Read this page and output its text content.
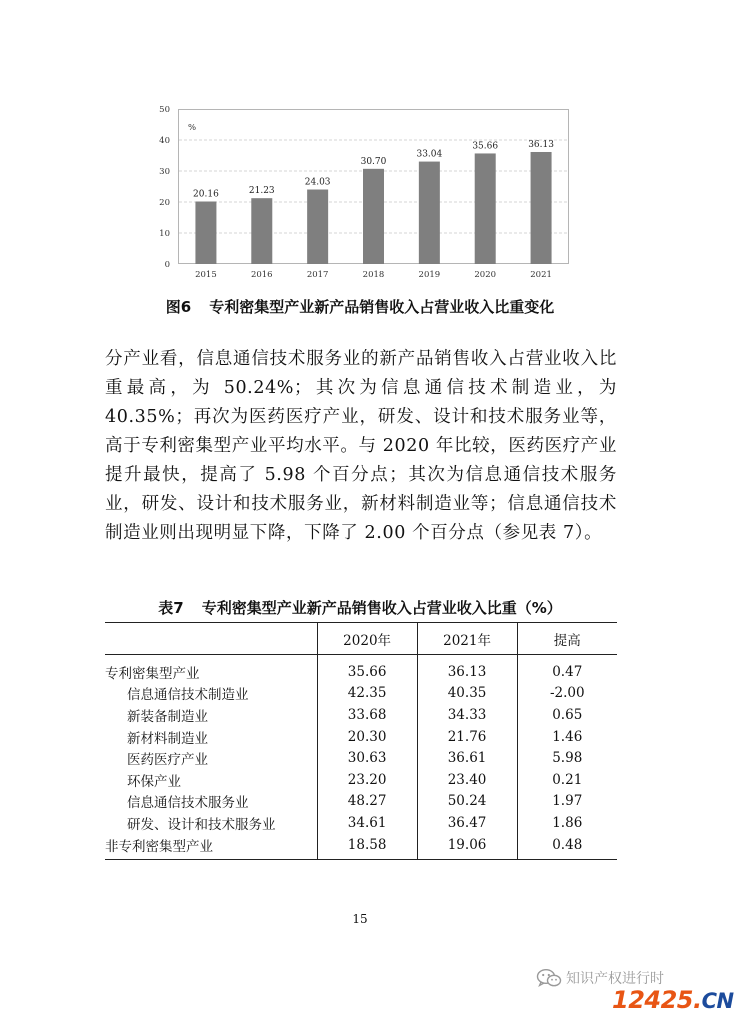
0
10
20
30
40
50
%
20.16
2015
21.23
2016
24.03
2017
30.70
2018
33.04
2019
35.66
2020
36.13
2021
图6 专利密集型产业新产品销售收入占营业收入比重变化

分产业看，信息通信技术服务业的新产品销售收入占营业收入比重最高，为 50.24%；其次为信息通信技术制造业，为 40.35%；再次为医药医疗产业，研发、设计和技术服务业等，高于专利密集型产业平均水平。与 2020 年比较，医药医疗产业提升最快，提高了 5.98 个百分点；其次为信息通信技术服务业，研发、设计和技术服务业，新材料制造业等；信息通信技术制造业则出现明显下降，下降了 2.00 个百分点（参见表 7）。

表7 专利密集型产业新产品销售收入占营业收入比重（%）
	2020年	2021年	提高
专利密集型产业	35.66	36.13	0.47
信息通信技术制造业	42.35	40.35	-2.00
新装备制造业	33.68	34.33	0.65
新材料制造业	20.30	21.76	1.46
医药医疗产业	30.63	36.61	5.98
环保产业	23.20	23.40	0.21
信息通信技术服务业	48.27	50.24	1.97
研发、设计和技术服务业	34.61	36.47	1.86
非专利密集型产业	18.58	19.06	0.48
15
知识产权进行时
12425.CN
